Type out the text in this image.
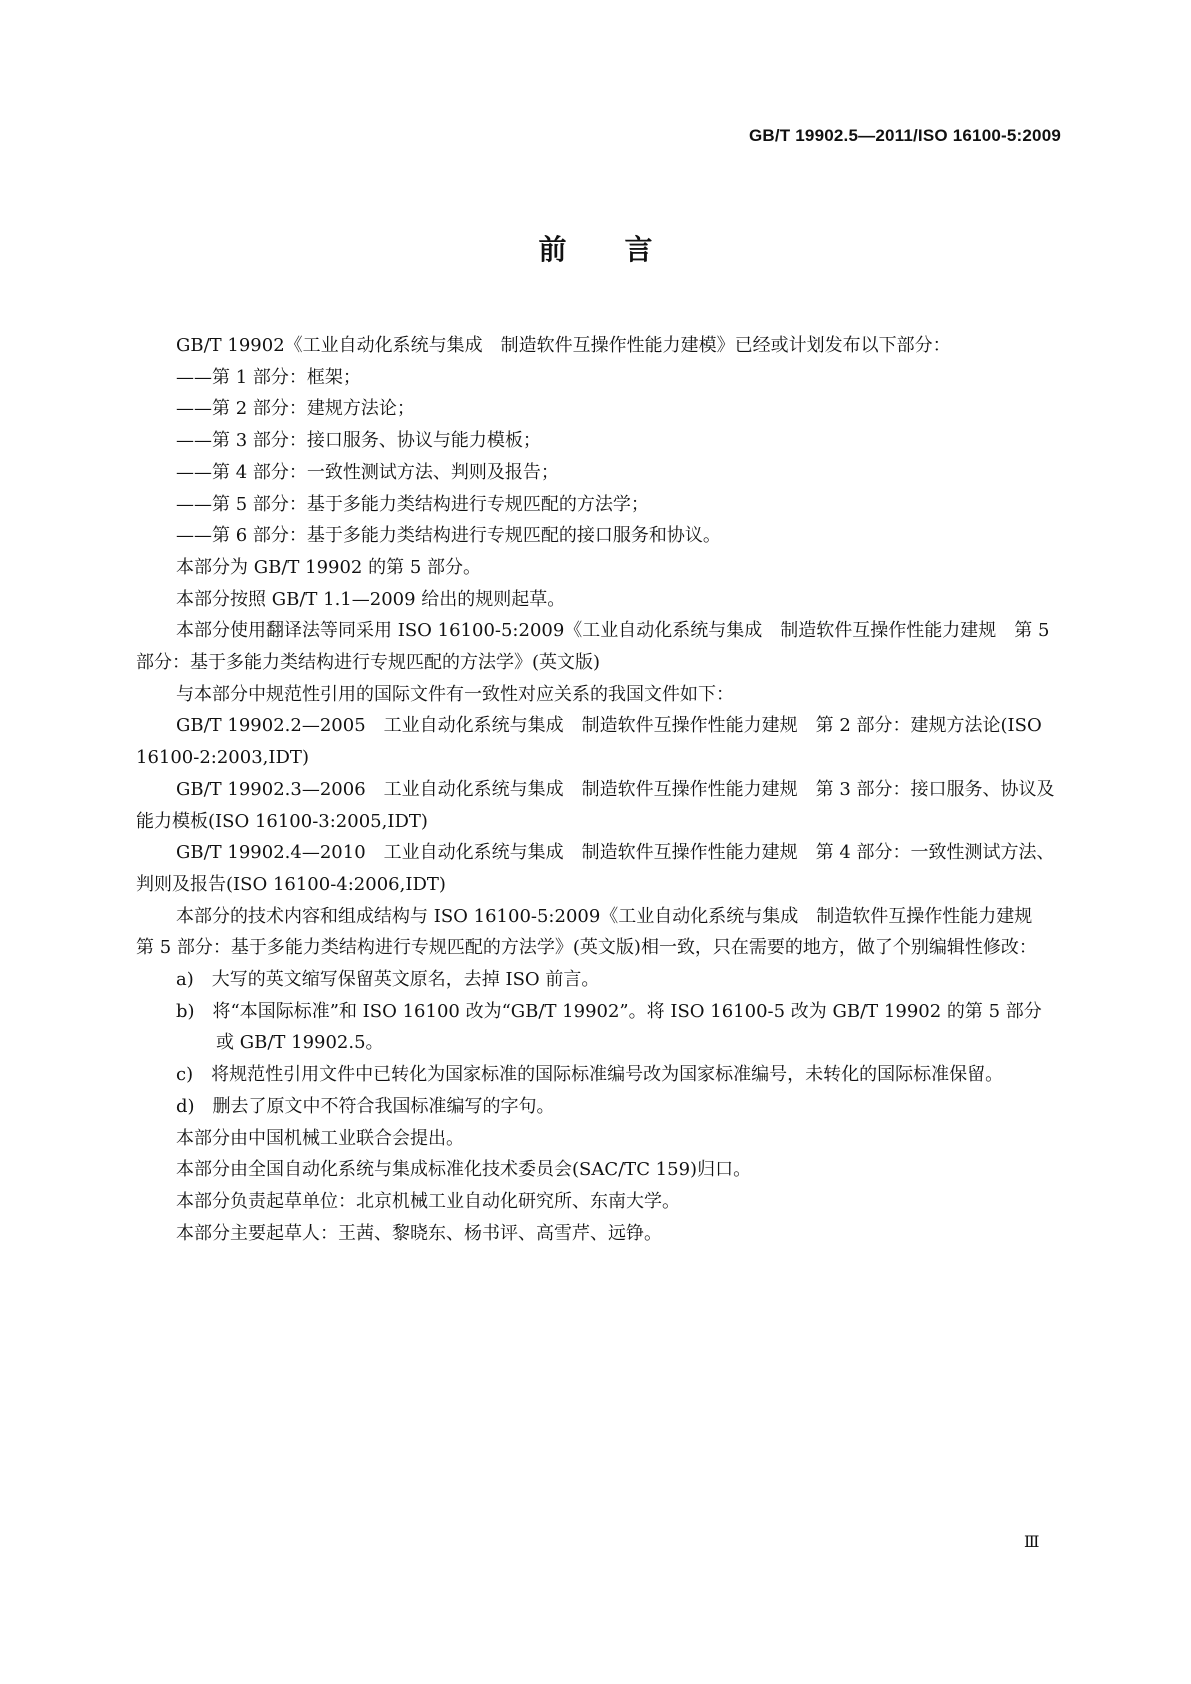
GB/T 19902.5—2011/ISO 16100-5:2009
前言

GB/T 19902《工业自动化系统与集成　制造软件互操作性能力建模》已经或计划发布以下部分：

——第 1 部分：框架；

——第 2 部分：建规方法论；

——第 3 部分：接口服务、协议与能力模板；

——第 4 部分：一致性测试方法、判则及报告；

——第 5 部分：基于多能力类结构进行专规匹配的方法学；

——第 6 部分：基于多能力类结构进行专规匹配的接口服务和协议。

本部分为 GB/T 19902 的第 5 部分。

本部分按照 GB/T 1.1—2009 给出的规则起草。

本部分使用翻译法等同采用 ISO 16100-5:2009《工业自动化系统与集成　制造软件互操作性能力建规　第 5 部分：基于多能力类结构进行专规匹配的方法学》(英文版)

与本部分中规范性引用的国际文件有一致性对应关系的我国文件如下：

GB/T 19902.2—2005　工业自动化系统与集成　制造软件互操作性能力建规　第 2 部分：建规方法论(ISO 16100-2:2003,IDT)

GB/T 19902.3—2006　工业自动化系统与集成　制造软件互操作性能力建规　第 3 部分：接口服务、协议及能力模板(ISO 16100-3:2005,IDT)

GB/T 19902.4—2010　工业自动化系统与集成　制造软件互操作性能力建规　第 4 部分：一致性测试方法、判则及报告(ISO 16100-4:2006,IDT)

本部分的技术内容和组成结构与 ISO 16100-5:2009《工业自动化系统与集成　制造软件互操作性能力建规　第 5 部分：基于多能力类结构进行专规匹配的方法学》(英文版)相一致，只在需要的地方，做了个别编辑性修改：

a)　大写的英文缩写保留英文原名，去掉 ISO 前言。

b)　将“本国际标准”和 ISO 16100 改为“GB/T 19902”。将 ISO 16100-5 改为 GB/T 19902 的第 5 部分或 GB/T 19902.5。

c)　将规范性引用文件中已转化为国家标准的国际标准编号改为国家标准编号，未转化的国际标准保留。

d)　删去了原文中不符合我国标准编写的字句。

本部分由中国机械工业联合会提出。

本部分由全国自动化系统与集成标准化技术委员会(SAC/TC 159)归口。

本部分负责起草单位：北京机械工业自动化研究所、东南大学。

本部分主要起草人：王茜、黎晓东、杨书评、高雪芹、远铮。

Ⅲ
